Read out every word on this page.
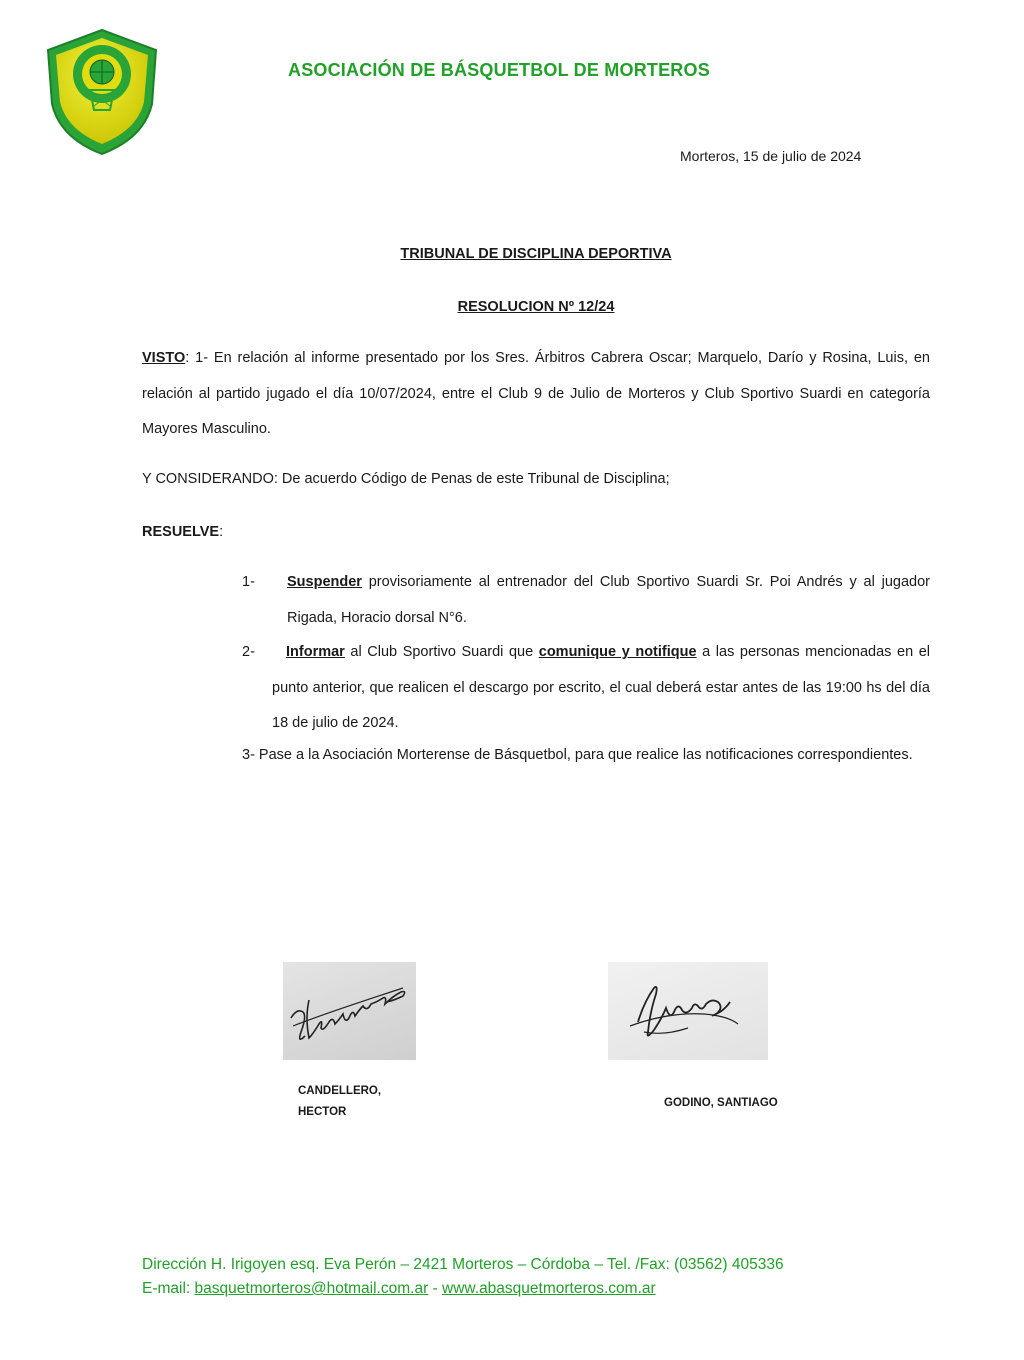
ASOCIACIÓN DE BÁSQUETBOL DE MORTEROS
Morteros, 15 de julio de 2024
TRIBUNAL DE DISCIPLINA DEPORTIVA
RESOLUCION Nº 12/24
VISTO: 1- En relación al informe presentado por los Sres. Árbitros Cabrera Oscar; Marquelo, Darío y Rosina, Luis, en relación al partido jugado el día 10/07/2024, entre el Club 9 de Julio de Morteros y Club Sportivo Suardi en categoría Mayores Masculino.
Y CONSIDERANDO: De acuerdo Código de Penas de este Tribunal de Disciplina;
RESUELVE:
1-	Suspender provisoriamente al entrenador del Club Sportivo Suardi Sr. Poi Andrés y al jugador Rigada, Horacio dorsal N°6.
2-	Informar al Club Sportivo Suardi que comunique y notifique a las personas mencionadas en el punto anterior, que realicen el descargo por escrito, el cual deberá estar antes de las 19:00 hs del día 18 de julio de 2024.
3- Pase a la Asociación Morterense de Básquetbol, para que realice las notificaciones correspondientes.
CANDELLERO, HECTOR
GODINO, SANTIAGO
Dirección H. Irigoyen esq. Eva Perón – 2421 Morteros – Córdoba – Tel. /Fax: (03562) 405336
E-mail: basquetmorteros@hotmail.com.ar - www.abasquetmorteros.com.ar
